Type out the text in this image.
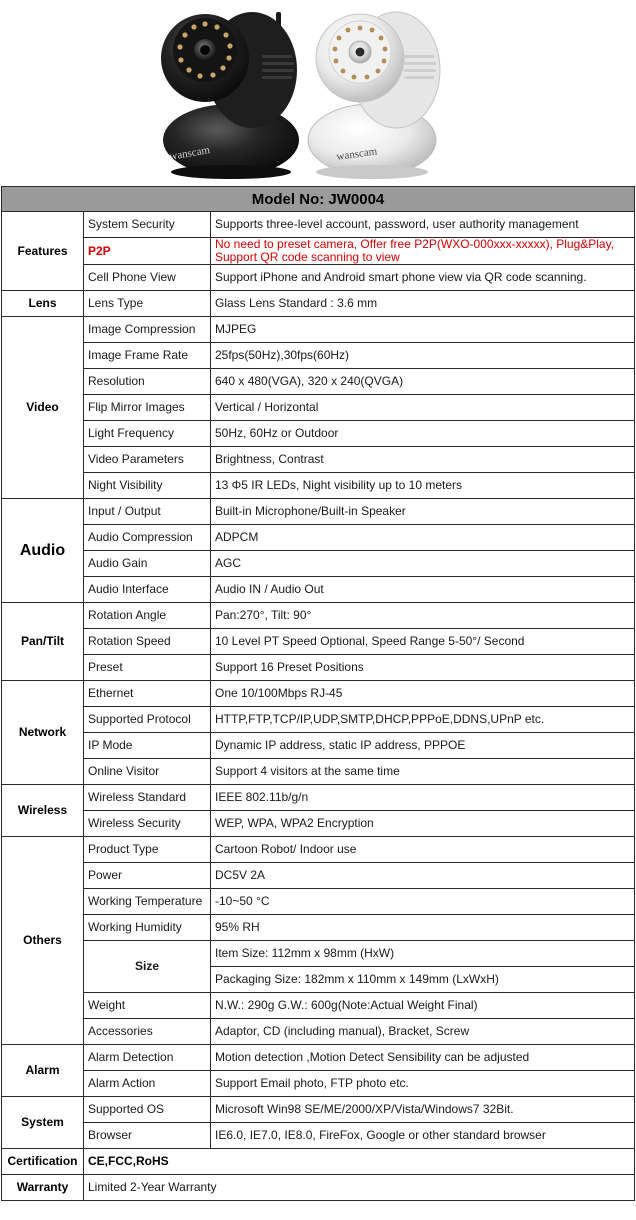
wanscam	wanscam
Model No: JW0004		
Features	System Security	Supports three-level account, password, user authority management
	P2P	No need to preset camera, Offer free P2P(WXO-000xxx-xxxxx), Plug&Play, Support QR code scanning to view
	Cell Phone View	Support iPhone and Android smart phone view via QR code scanning.
Lens	Lens Type	Glass Lens Standard : 3.6 mm
Video	Image Compression	MJPEG
	Image Frame Rate	25fps(50Hz),30fps(60Hz)
	Resolution	640 x 480(VGA), 320 x 240(QVGA)
	Flip Mirror Images	Vertical / Horizontal
	Light Frequency	50Hz, 60Hz or Outdoor
	Video Parameters	Brightness, Contrast
	Night Visibility	13 Φ5 IR LEDs, Night visibility up to 10 meters
Audio	Input / Output	Built-in Microphone/Built-in Speaker
	Audio Compression	ADPCM
	Audio Gain	AGC
	Audio Interface	Audio IN / Audio Out
Pan/Tilt	Rotation Angle	Pan:270°, Tilt: 90°
	Rotation Speed	10 Level PT Speed Optional, Speed Range 5-50°/ Second
	Preset	Support 16 Preset Positions
Network	Ethernet	One 10/100Mbps RJ-45
	Supported Protocol	HTTP,FTP,TCP/IP,UDP,SMTP,DHCP,PPPoE,DDNS,UPnP etc.
	IP Mode	Dynamic IP address, static IP address, PPPOE
	Online Visitor	Support 4 visitors at the same time
Wireless	Wireless Standard	IEEE 802.11b/g/n
	Wireless Security	WEP, WPA, WPA2 Encryption
Others	Product Type	Cartoon Robot/ Indoor use
	Power	DC5V 2A
	Working Temperature	-10~50 °C
	Working Humidity	95% RH
	Size	Item Size: 112mm x 98mm (HxW)
		Packaging Size: 182mm x 110mm x 149mm (LxWxH)
	Weight	N.W.: 290g G.W.: 600g(Note:Actual Weight Final)
	Accessories	Adaptor, CD (including manual), Bracket, Screw
Alarm	Alarm Detection	Motion detection ,Motion Detect Sensibility can be adjusted
	Alarm Action	Support Email photo, FTP photo etc.
System	Supported OS	Microsoft Win98 SE/ME/2000/XP/Vista/Windows7 32Bit.
	Browser	IE6.0, IE7.0, IE8.0, FireFox, Google or other standard browser
Certification	CE,FCC,RoHS	
Warranty	Limited 2-Year Warranty	
